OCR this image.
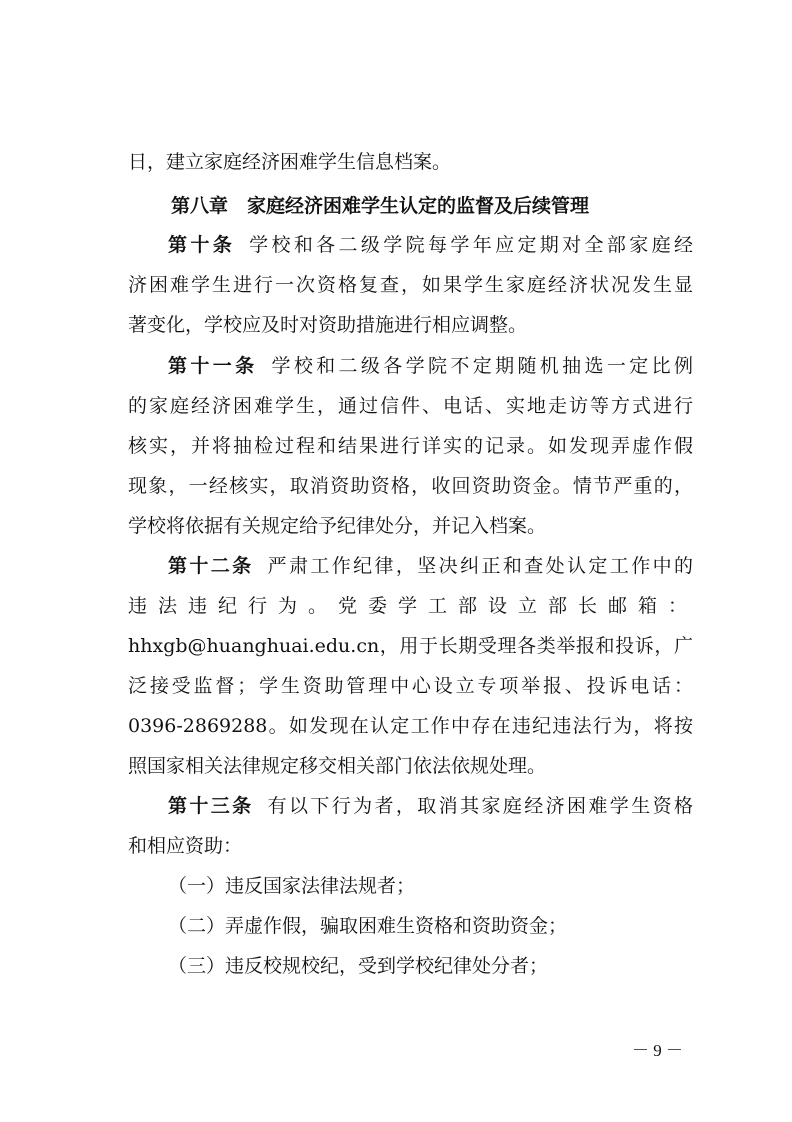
日，建立家庭经济困难学生信息档案。
第八章　家庭经济困难学生认定的监督及后续管理
第十条 学校和各二级学院每学年应定期对全部家庭经
济困难学生进行一次资格复查，如果学生家庭经济状况发生显
著变化，学校应及时对资助措施进行相应调整。
第十一条 学校和二级各学院不定期随机抽选一定比例
的家庭经济困难学生，通过信件、电话、实地走访等方式进行
核实，并将抽检过程和结果进行详实的记录。如发现弄虚作假
现象，一经核实，取消资助资格，收回资助资金。情节严重的，
学校将依据有关规定给予纪律处分，并记入档案。
第十二条 严肃工作纪律，坚决纠正和查处认定工作中的
违法违纪行为。党委学工部设立部长邮箱：
hhxgb@huanghuai.edu.cn，用于长期受理各类举报和投诉，广
泛接受监督；学生资助管理中心设立专项举报、投诉电话：
0396-2869288。如发现在认定工作中存在违纪违法行为，将按
照国家相关法律规定移交相关部门依法依规处理。
第十三条 有以下行为者，取消其家庭经济困难学生资格
和相应资助：
（一）违反国家法律法规者；
（二）弄虚作假，骗取困难生资格和资助资金；
（三）违反校规校纪，受到学校纪律处分者；
－ 9 －
